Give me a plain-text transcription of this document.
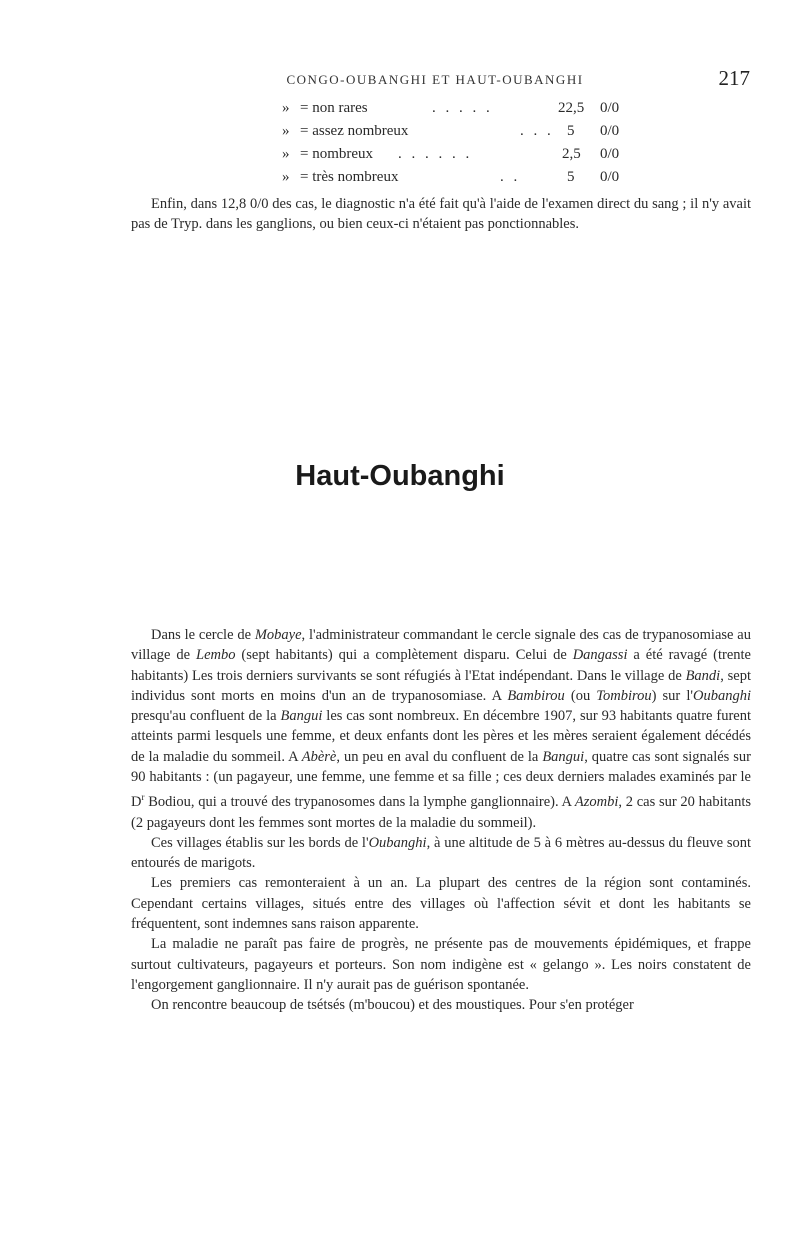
CONGO-OUBANGHI ET HAUT-OUBANGHI	217
» = non rares	. . . . .	22,5 0/0
» = assez nombreux	. . . 5 0/0
» = nombreux . . . . . .	2,5 0/0
» = très nombreux	. .	5 0/0

Enfin, dans 12,8 0/0 des cas, le diagnostic n'a été fait qu'à l'aide de l'examen direct du sang ; il n'y avait pas de Tryp. dans les ganglions, ou bien ceux-ci n'étaient pas ponctionnables.

Haut-Oubanghi

Dans le cercle de Mobaye, l'administrateur commandant le cercle signale des cas de trypanosomiase au village de Lembo (sept habitants) qui a complètement disparu. Celui de Dangassi a été ravagé (trente habitants) Les trois derniers survivants se sont réfugiés à l'Etat indépendant. Dans le village de Bandi, sept individus sont morts en moins d'un an de trypanosomiase. A Bambirou (ou Tombirou) sur l'Oubanghi presqu'au confluent de la Bangui les cas sont nombreux. En décembre 1907, sur 93 habitants quatre furent atteints parmi lesquels une femme, et deux enfants dont les pères et les mères seraient également décédés de la maladie du sommeil. A Abèrè, un peu en aval du confluent de la Bangui, quatre cas sont signalés sur 90 habitants : (un pagayeur, une femme, une femme et sa fille ; ces deux derniers malades examinés par le $D^r$ Bodiou, qui a trouvé des trypanosomes dans la lymphe ganglionnaire). A Azombi, 2 cas sur 20 habitants (2 pagayeurs dont les femmes sont mortes de la maladie du sommeil).

Ces villages établis sur les bords de l'Oubanghi, à une altitude de 5 à 6 mètres au-dessus du fleuve sont entourés de marigots.

Les premiers cas remonteraient à un an. La plupart des centres de la région sont contaminés. Cependant certains villages, situés entre des villages où l'affection sévit et dont les habitants se fréquentent, sont indemnes sans raison apparente.

La maladie ne paraît pas faire de progrès, ne présente pas de mouvements épidémiques, et frappe surtout cultivateurs, pagayeurs et porteurs. Son nom indigène est « gelango ». Les noirs constatent de l'engorgement ganglionnaire. Il n'y aurait pas de guérison spontanée.

On rencontre beaucoup de tsétsés (m'boucou) et des moustiques. Pour s'en protéger
